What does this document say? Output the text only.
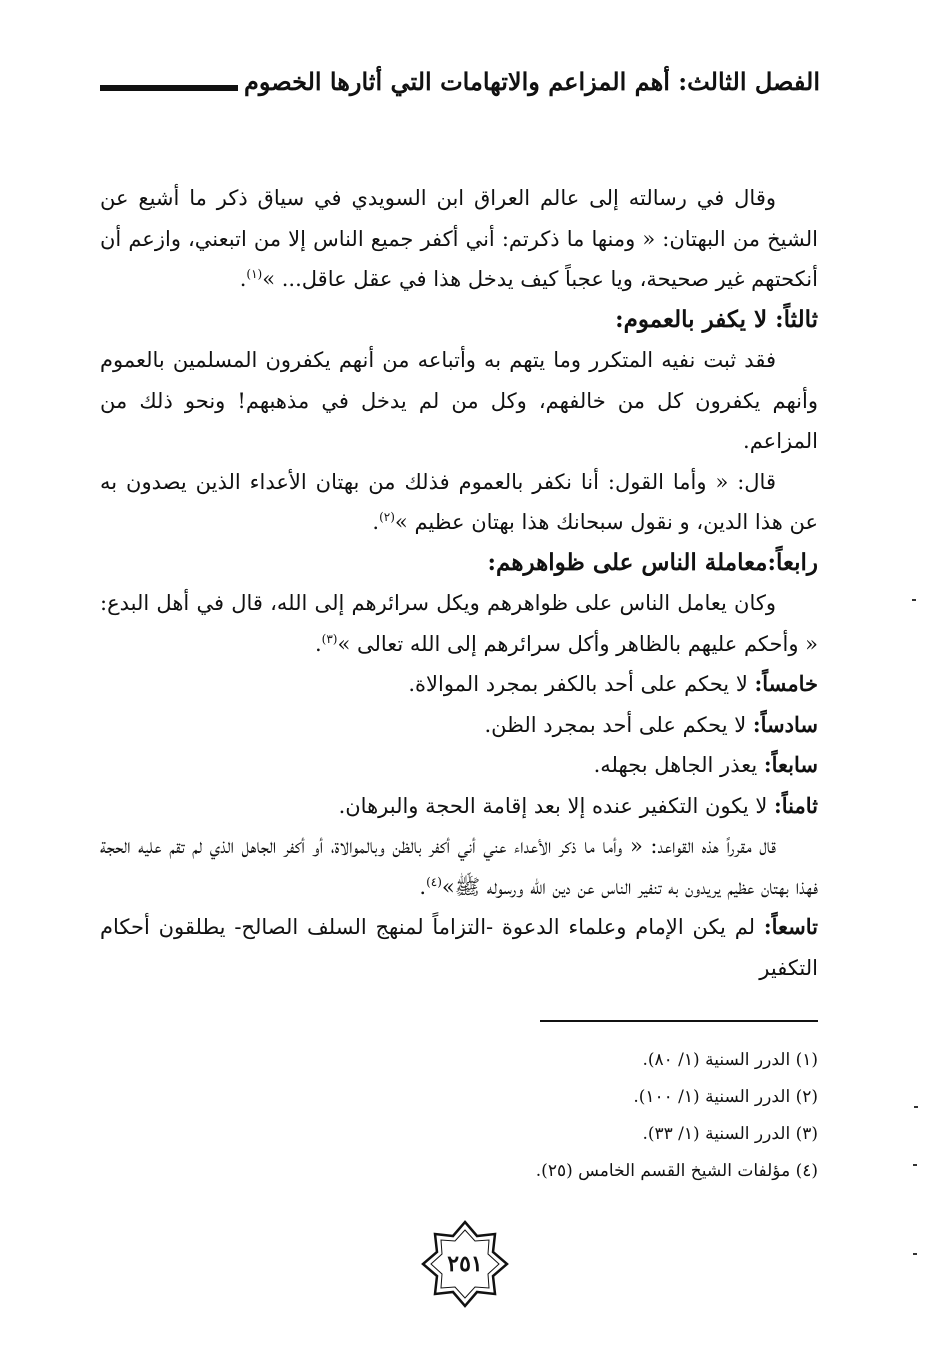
الفصل الثالث: أهم المزاعم والاتهامات التي أثارها الخصوم

وقال في رسالته إلى عالم العراق ابن السويدي في سياق ذكر ما أشيع عن الشيخ من البهتان: « ومنها ما ذكرتم: أني أكفر جميع الناس إلا من اتبعني، وازعم أن أنكحتهم غير صحيحة، ويا عجباً كيف يدخل هذا في عقل عاقل... »$^{(١)}$.

ثالثاً: لا يكفر بالعموم:

فقد ثبت نفيه المتكرر وما يتهم به وأتباعه من أنهم يكفرون المسلمين بالعموم وأنهم يكفرون كل من خالفهم، وكل من لم يدخل في مذهبهم! ونحو ذلك من المزاعم.

قال: « وأما القول: أنا نكفر بالعموم فذلك من بهتان الأعداء الذين يصدون به عن هذا الدين، و نقول سبحانك هذا بهتان عظيم »$^{(٢)}$.

رابعاً:معاملة الناس على ظواهرهم:

وكان يعامل الناس على ظواهرهم ويكل سرائرهم إلى الله، قال في أهل البدع: « وأحكم عليهم بالظاهر وأكل سرائرهم إلى الله تعالى »$^{(٣)}$.

خامساً: لا يحكم على أحد بالكفر بمجرد الموالاة.

سادساً: لا يحكم على أحد بمجرد الظن.

سابعاً: يعذر الجاهل بجهله.

ثامناً: لا يكون التكفير عنده إلا بعد إقامة الحجة والبرهان.

قال مقرراً هذه القواعد: « وأما ما ذكر الأعداء عني أني أكفر بالظن وبالموالاة، أو أكفر الجاهل الذي لم تقم عليه الحجة فهذا بهتان عظيم يريدون به تنفير الناس عن دين الله ورسوله ﷺ»$^{(٤)}$.

تاسعاً: لم يكن الإمام وعلماء الدعوة -التزاماً لمنهج السلف الصالح- يطلقون أحكام التكفير

(١) الدرر السنية (١/ ٨٠).

(٢) الدرر السنية (١/ ١٠٠).

(٣) الدرر السنية (١/ ٣٣).

(٤) مؤلفات الشيخ القسم الخامس (٢٥).

٢٥١
